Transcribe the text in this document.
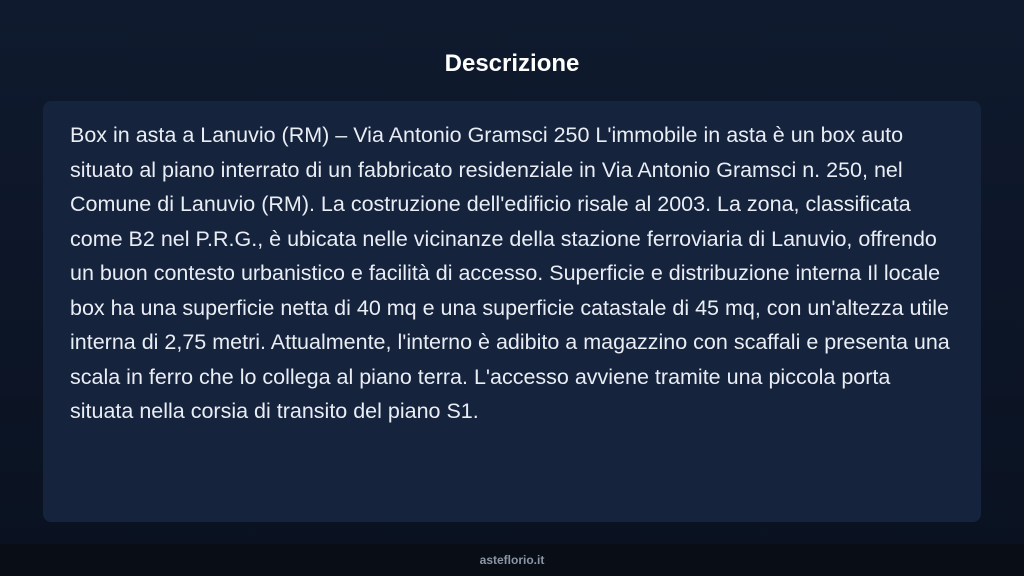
Descrizione

Box in asta a Lanuvio (RM) – Via Antonio Gramsci 250 L'immobile in asta è un box auto situato al piano interrato di un fabbricato residenziale in Via Antonio Gramsci n. 250, nel Comune di Lanuvio (RM). La costruzione dell'edificio risale al 2003. La zona, classificata come B2 nel P.R.G., è ubicata nelle vicinanze della stazione ferroviaria di Lanuvio, offrendo un buon contesto urbanistico e facilità di accesso. Superficie e distribuzione interna Il locale box ha una superficie netta di 40 mq e una superficie catastale di 45 mq, con un'altezza utile interna di 2,75 metri. Attualmente, l'interno è adibito a magazzino con scaffali e presenta una scala in ferro che lo collega al piano terra. L'accesso avviene tramite una piccola porta situata nella corsia di transito del piano S1.

asteflorio.it
